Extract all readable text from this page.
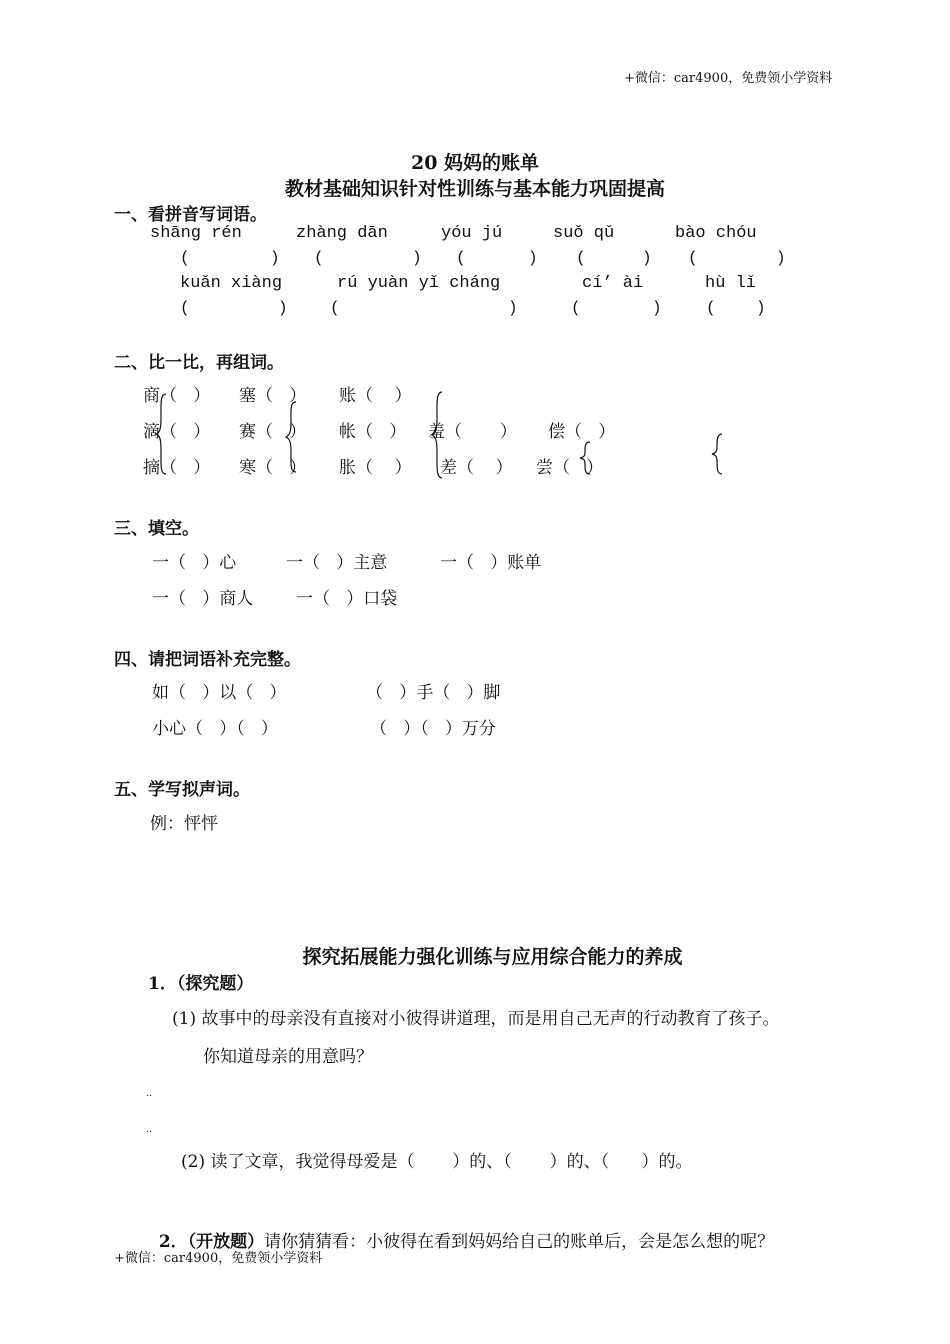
+微信：car4900，免费领小学资料
20 妈妈的账单
教材基础知识针对性训练与基本能力巩固提高
一、看拼音写词语。
shāng rén	zhàng dān	yóu jú	suǒ qǔ	bào chóu
(	) (	) (	) (	) (	)
kuǎn xiàng	rú yuàn yǐ cháng	cí’ ài	hù lǐ
(	)	(	)	(	)	(	)
二、比一比，再组词。
商（   ） 塞（   ） 账（    ）
滴（   ） 赛（   ） 帐（   ） 羞（       ） 偿（   ）
摘（   ） 寒（   ） 胀（    ） 差（    ） 尝（   ）
三、填空。
一（   ）心	一（   ）主意	一（   ）账单
一（   ）商人	一（   ）口袋
四、请把词语补充完整。
如（   ）以（   ）	（   ）手（   ）脚
小心（   ）（   ）	（   ）（   ）万分
五、学写拟声词。
例：怦怦
探究拓展能力强化训练与应用综合能力的养成
1．（探究题）
(1) 故事中的母亲没有直接对小彼得讲道理，而是用自己无声的行动教育了孩子。
你知道母亲的用意吗？
..
..
(2) 读了文章，我觉得母爱是（       ）的、（       ）的、（      ）的。

2．（开放题）请你猜猜看：小彼得在看到妈妈给自己的账单后，会是怎么想的呢？

+微信：car4900，免费领小学资料
